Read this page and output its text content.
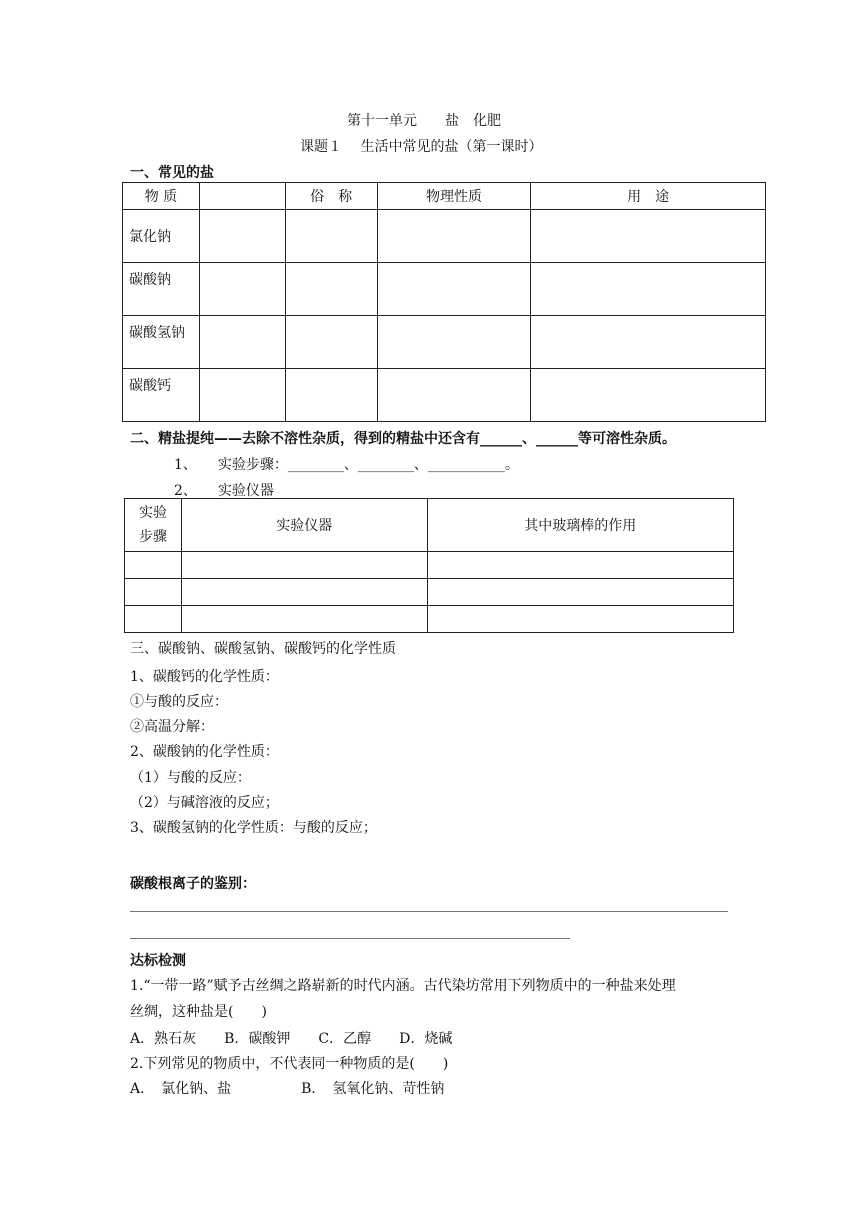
第十一单元　　盐　化肥
课题１　 生活中常见的盐（第一课时）
一、常见的盐
物 质		俗　称	物理性质	用　途
氯化钠				
碳酸钠				
碳酸氢钠				
碳酸钙				
二、精盐提纯——去除不溶性杂质，得到的精盐中还含有______、______等可溶性杂质。
1、　　实验步骤：________、________、___________。
2、　　实验仪器
实验
步骤	实验仪器	其中玻璃棒的作用

三、碳酸钠、碳酸氢钠、碳酸钙的化学性质
1、碳酸钙的化学性质：
①与酸的反应：
②高温分解：
2、碳酸钠的化学性质：
（1）与酸的反应：
（2）与碱溶液的反应；
3、碳酸氢钠的化学性质：与酸的反应；
碳酸根离子的鉴别：
达标检测
1.“一带一路”赋予古丝绸之路崭新的时代内涵。古代染坊常用下列物质中的一种盐来处理
丝绸，这种盐是(　　)
A．熟石灰　　B．碳酸钾　　C．乙醇　　D．烧碱
2.下列常见的物质中，不代表同一种物质的是(　　)
A．　氯化钠、盐　　　　　B．　氢氧化钠、苛性钠
